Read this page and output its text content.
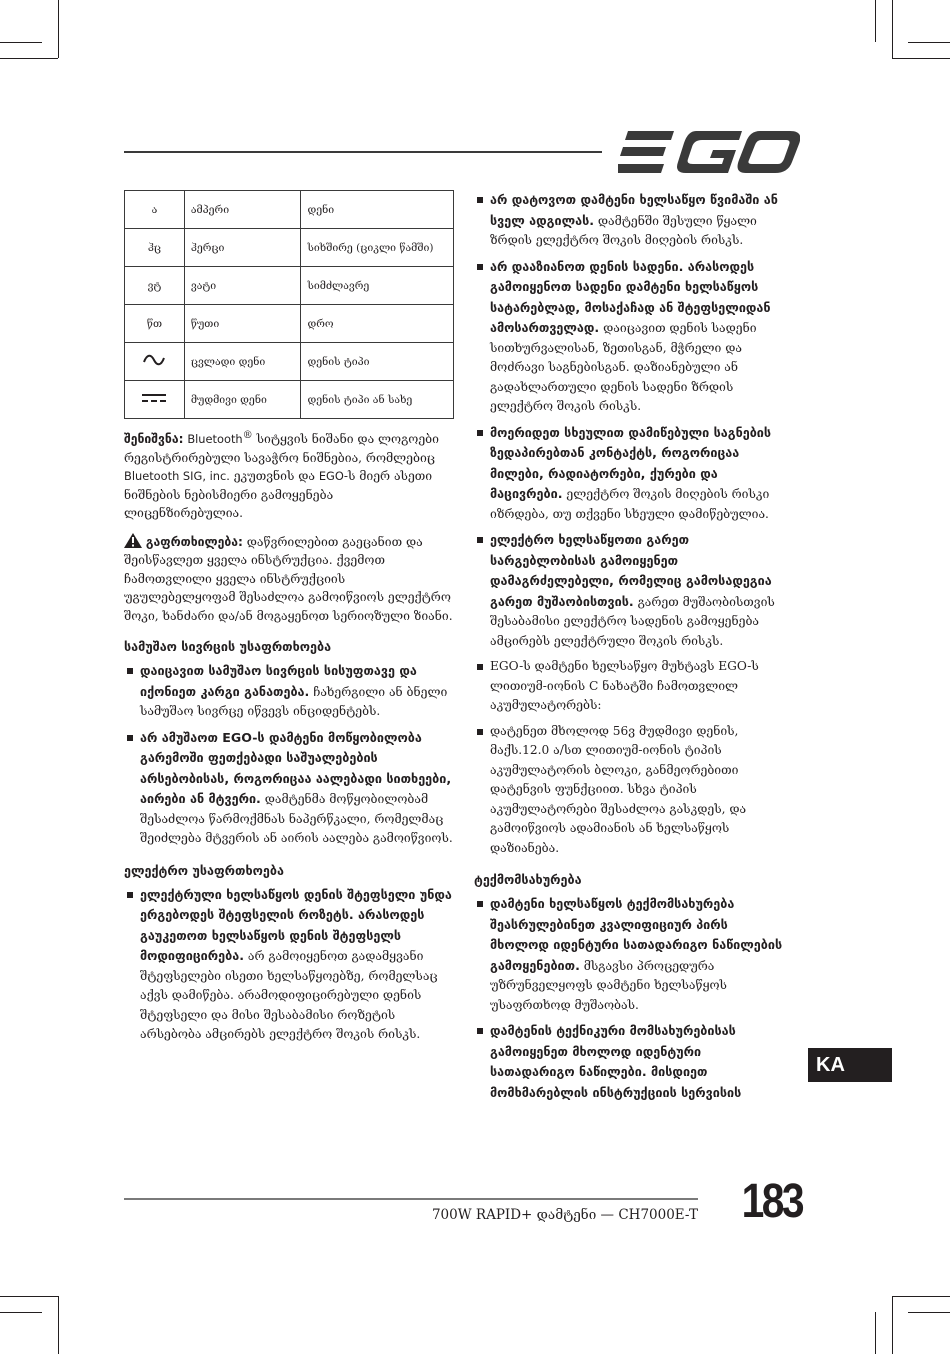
ა	ამპერი	დენი
ჰც	ჰერცი	სიხშირე (ციკლი წამში)
ვტ	ვატი	სიმძლავრე
წთ	წუთი	დრო
	ცვლადი დენი	დენის ტიპი
	მუდმივი დენი	დენის ტიპი ან სახე

შენიშვნა: Bluetooth® სიტყვის ნიშანი და ლოგოები რეგისტრირებული სავაჭრო ნიშნებია, რომლებიც Bluetooth SIG, inc. ეკუთვნის და EGO-ს მიერ ასეთი ნიშნების ნებისმიერი გამოყენება ლიცენზირებულია.

გაფრთხილება: დაწვრილებით გაეცანით და შეისწავლეთ ყველა ინსტრუქცია. ქვემოთ ჩამოთვლილი ყველა ინსტრუქციის უგულებელყოფამ შესაძლოა გამოიწვიოს ელექტრო შოკი, ხანძარი და/ან მოგაყენოთ სერიოზული ზიანი.

სამუშაო სივრცის უსაფრთხოება
დაიცავით სამუშაო სივრცის სისუფთავე და იქონიეთ კარგი განათება. ჩახერგილი ან ბნელი სამუშაო სივრცე იწვევს ინციდენტებს.
არ ამუშაოთ EGO-ს დამტენი მოწყობილობა გარემოში ფეთქებადი საშუალებების არსებობისას, როგორიცაა აალებადი სითხეები, აირები ან მტვერი. დამტენმა მოწყობილობამ შესაძლოა წარმოქმნას ნაპერწკალი, რომელმაც შეიძლება მტვერის ან აირის აალება გამოიწვიოს.
ელექტრო უსაფრთხოება
ელექტრული ხელსაწყოს დენის შტეფსელი უნდა ერგებოდეს შტეფსელის როზეტს. არასოდეს გაუკეთოთ ხელსაწყოს დენის შტეფსელს მოდიფიცირება. არ გამოიყენოთ გადამყვანი შტეფსელები ისეთი ხელსაწყოებზე, რომელსაც აქვს დამიწება. არამოდიფიცირებული დენის შტეფსელი და მისი შესაბამისი როზეტის არსებობა ამცირებს ელექტრო შოკის რისკს.
არ დატოვოთ დამტენი ხელსაწყო წვიმაში ან სველ ადგილას. დამტენში შესული წყალი ზრდის ელექტრო შოკის მიღების რისკს.
არ დააზიანოთ დენის სადენი. არასოდეს გამოიყენოთ სადენი დამტენი ხელსაწყოს სატარებლად, მოსაქაჩად ან შტეფსელიდან ამოსართველად. დაიცავით დენის სადენი სითხურვალისან, ზეთისგან, მჭრელი და მოძრავი საგნებისგან. დაზიანებული ან გადახლართული დენის სადენი ზრდის ელექტრო შოკის რისკს.
მოერიდეთ სხეულით დამიწებული საგნების ზედაპირებთან კონტაქტს, როგორიცაა მილები, რადიატორები, ქურები და მაცივრები. ელექტრო შოკის მიღების რისკი იზრდება, თუ თქვენი სხეული დამიწებულია.
ელექტრო ხელსაწყოთი გარეთ სარგებლობისას გამოიყენეთ დამაგრძელებელი, რომელიც გამოსადეგია გარეთ მუშაობისთვის. გარეთ მუშაობისთვის შესაბამისი ელექტრო სადენის გამოყენება ამცირებს ელექტრული შოკის რისკს.
EGO-ს დამტენი ხელსაწყო მუხტავს EGO-ს ლითიუმ-იონის C ნახატში ჩამოთვლილ აკუმულატორებს:
დატენეთ მხოლოდ 56ვ მუდმივი დენის, მაქს.12.0 ა/სთ ლითიუმ-იონის ტიპის აკუმულატორის ბლოკი, განმეორებითი დატენვის ფუნქციით. სხვა ტიპის აკუმულატორები შესაძლოა გასკდეს, და გამოიწვიოს ადამიანის ან ხელსაწყოს დაზიანება.
ტექმომსახურება
დამტენი ხელსაწყოს ტექმომსახურება შეასრულებინეთ კვალიფიციურ პირს მხოლოდ იდენტური სათადარიგო ნაწილების გამოყენებით. მსგავსი პროცედურა უზრუნველყოფს დამტენი ხელსაწყოს უსაფრთხოდ მუშაობას.
დამტენის ტექნიკური მომსახურებისას გამოიყენეთ მხოლოდ იდენტური სათადარიგო ნაწილები. მისდიეთ მომხმარებლის ინსტრუქციის სერვისის
KA
700W RAPID+ დამტენი — CH7000E-T 183
